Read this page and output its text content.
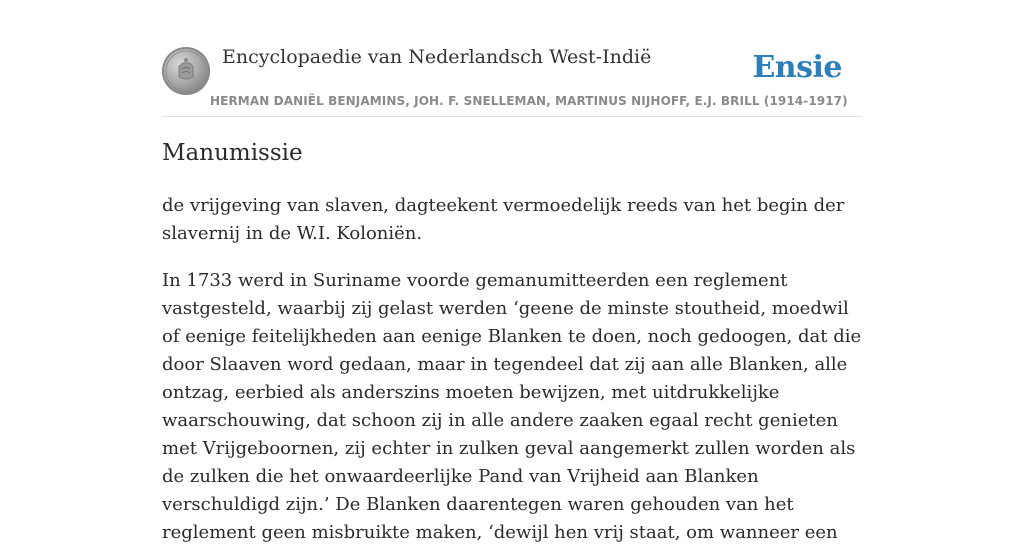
Encyclopaedie van Nederlandsch West-Indië	Ensie
HERMAN DANIËL BENJAMINS, JOH. F. SNELLEMAN, MARTINUS NIJHOFF, E.J. BRILL (1914-1917)
Manumissie

de vrijgeving van slaven, dagteekent vermoedelijk reeds van het begin der slavernij in de W.I. Koloniën.

In 1733 werd in Suriname voorde gemanumitteerden een reglement vastgesteld, waarbij zij gelast werden ‘geene de minste stoutheid, moedwil of eenige feitelijkheden aan eenige Blanken te doen, noch gedoogen, dat die door Slaaven word gedaan, maar in tegendeel dat zij aan alle Blanken, alle ontzag, eerbied als anderszins moeten bewijzen, met uitdrukkelijke waarschouwing, dat schoon zij in alle andere zaaken egaal recht genieten met Vrijgeboornen, zij echter in zulken geval aangemerkt zullen worden als de zulken die het onwaardeerlijke Pand van Vrijheid aan Blanken verschuldigd zijn.’ De Blanken daarentegen waren gehouden van het reglement geen misbruikte maken, ‘dewijl hen vrij staat, om wanneer een
